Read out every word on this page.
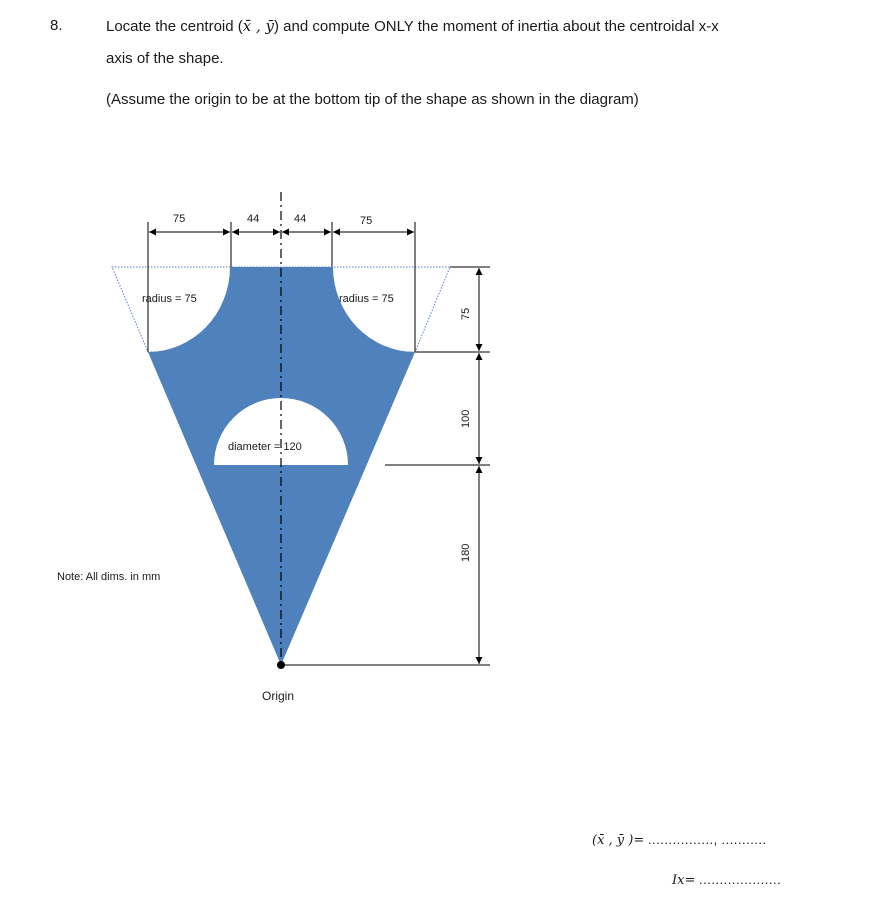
8.	Locate the centroid (x̄ , ȳ) and compute ONLY the moment of inertia about the centroidal x-x
axis of the shape.
(Assume the origin to be at the bottom tip of the shape as shown in the diagram)
75	44	44	75
radius = 75	radius = 75
diameter = 120
75
100
180
Note: All dims. in mm
Origin
(x̄ , ȳ )= ................, ...........
Ix= ....................
